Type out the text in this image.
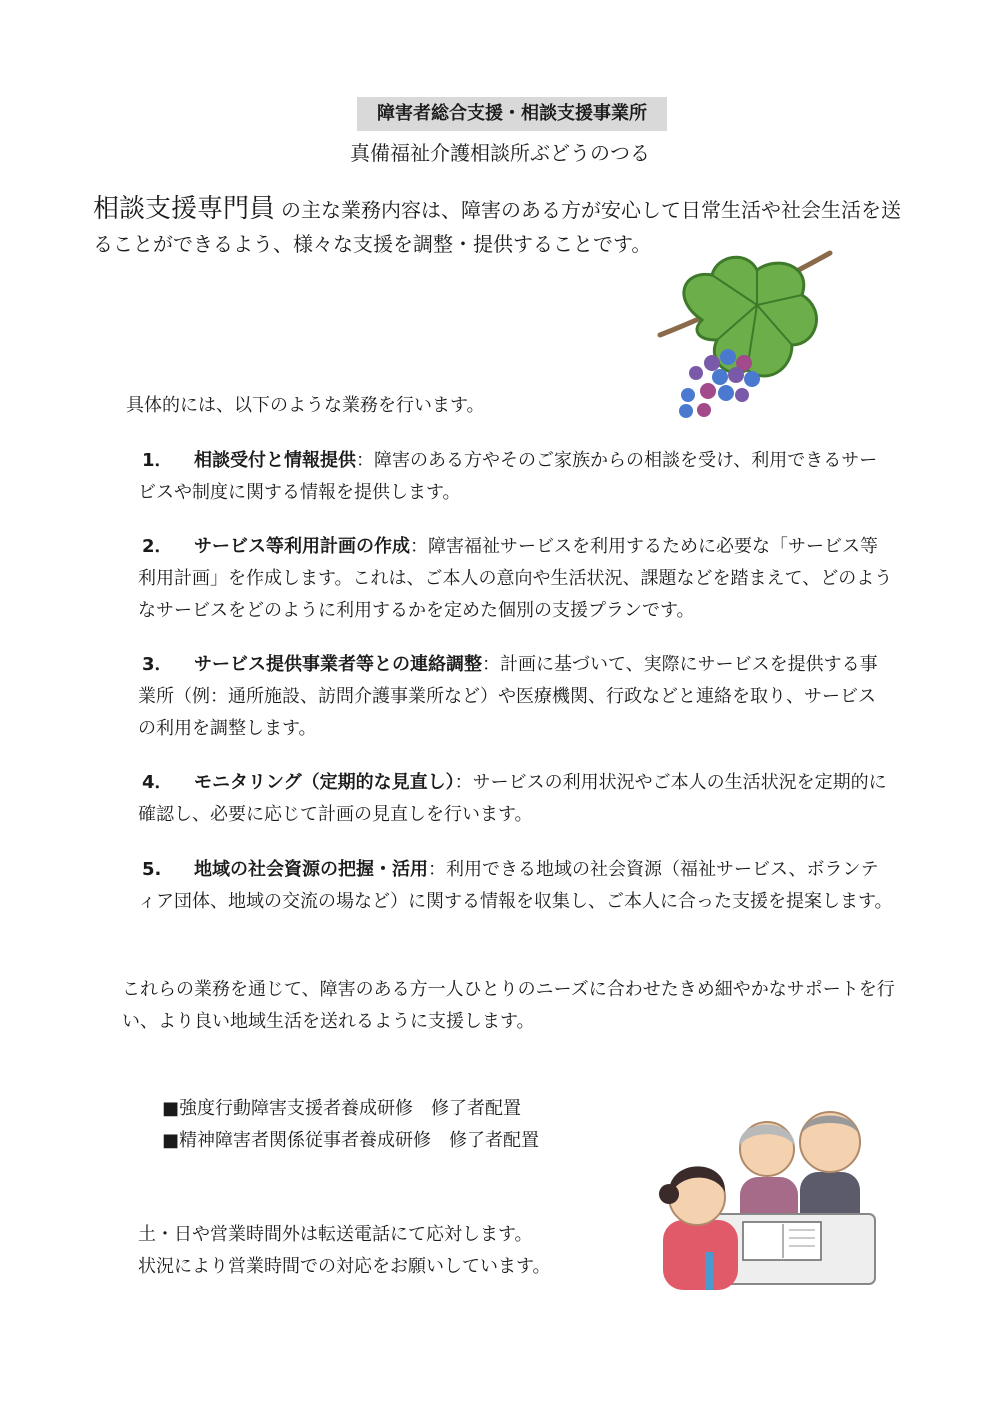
障害者総合支援・相談支援事業所
真備福祉介護相談所ぶどうのつる
相談支援専門員 の主な業務内容は、障害のある方が安心して日常生活や社会生活を送ることができるよう、様々な支援を調整・提供することです。
具体的には、以下のような業務を行います。
1． 相談受付と情報提供：障害のある方やそのご家族からの相談を受け、利用できるサービスや制度に関する情報を提供します。
2． サービス等利用計画の作成：障害福祉サービスを利用するために必要な「サービス等利用計画」を作成します。これは、ご本人の意向や生活状況、課題などを踏まえて、どのようなサービスをどのように利用するかを定めた個別の支援プランです。
3． サービス提供事業者等との連絡調整：計画に基づいて、実際にサービスを提供する事業所（例：通所施設、訪問介護事業所など）や医療機関、行政などと連絡を取り、サービスの利用を調整します。
4． モニタリング（定期的な見直し）：サービスの利用状況やご本人の生活状況を定期的に確認し、必要に応じて計画の見直しを行います。
5. 地域の社会資源の把握・活用：利用できる地域の社会資源（福祉サービス、ボランティア団体、地域の交流の場など）に関する情報を収集し、ご本人に合った支援を提案します。
これらの業務を通じて、障害のある方一人ひとりのニーズに合わせたきめ細やかなサポートを行い、より良い地域生活を送れるように支援します。
■強度行動障害支援者養成研修　修了者配置
■精神障害者関係従事者養成研修　修了者配置
土・日や営業時間外は転送電話にて応対します。
状況により営業時間での対応をお願いしています。
